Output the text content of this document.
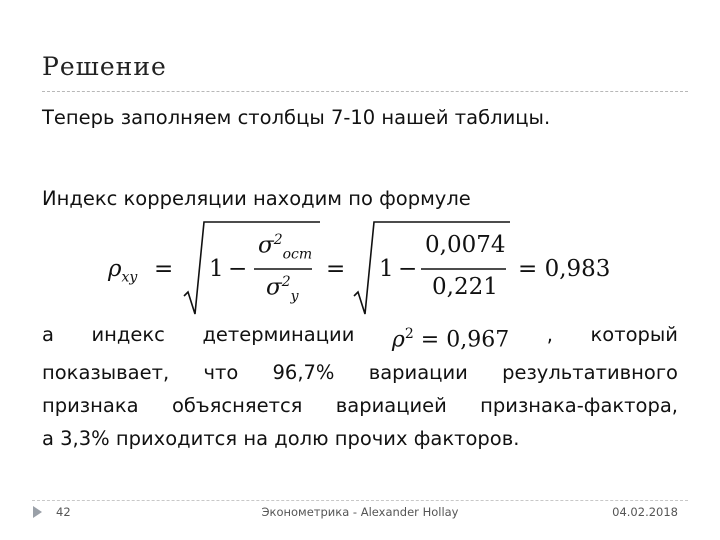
Решение
Теперь заполняем столбцы 7-10 нашей таблицы.
Индекс корреляции находим по формуле
$\rho_{xy} = 1$ −
$\sigma^2_{ост}$
$\sigma^2_y$
= 1 −
0,0074
0,221
= 0,983
а индекс детерминации $\rho^2 = 0,967$ , который
показывает, что 96,7% вариации результативного
признака объясняется вариацией признака-фактора,
а 3,3% приходится на долю прочих факторов.
42	Эконометрика - Alexander Hollay	04.02.2018
